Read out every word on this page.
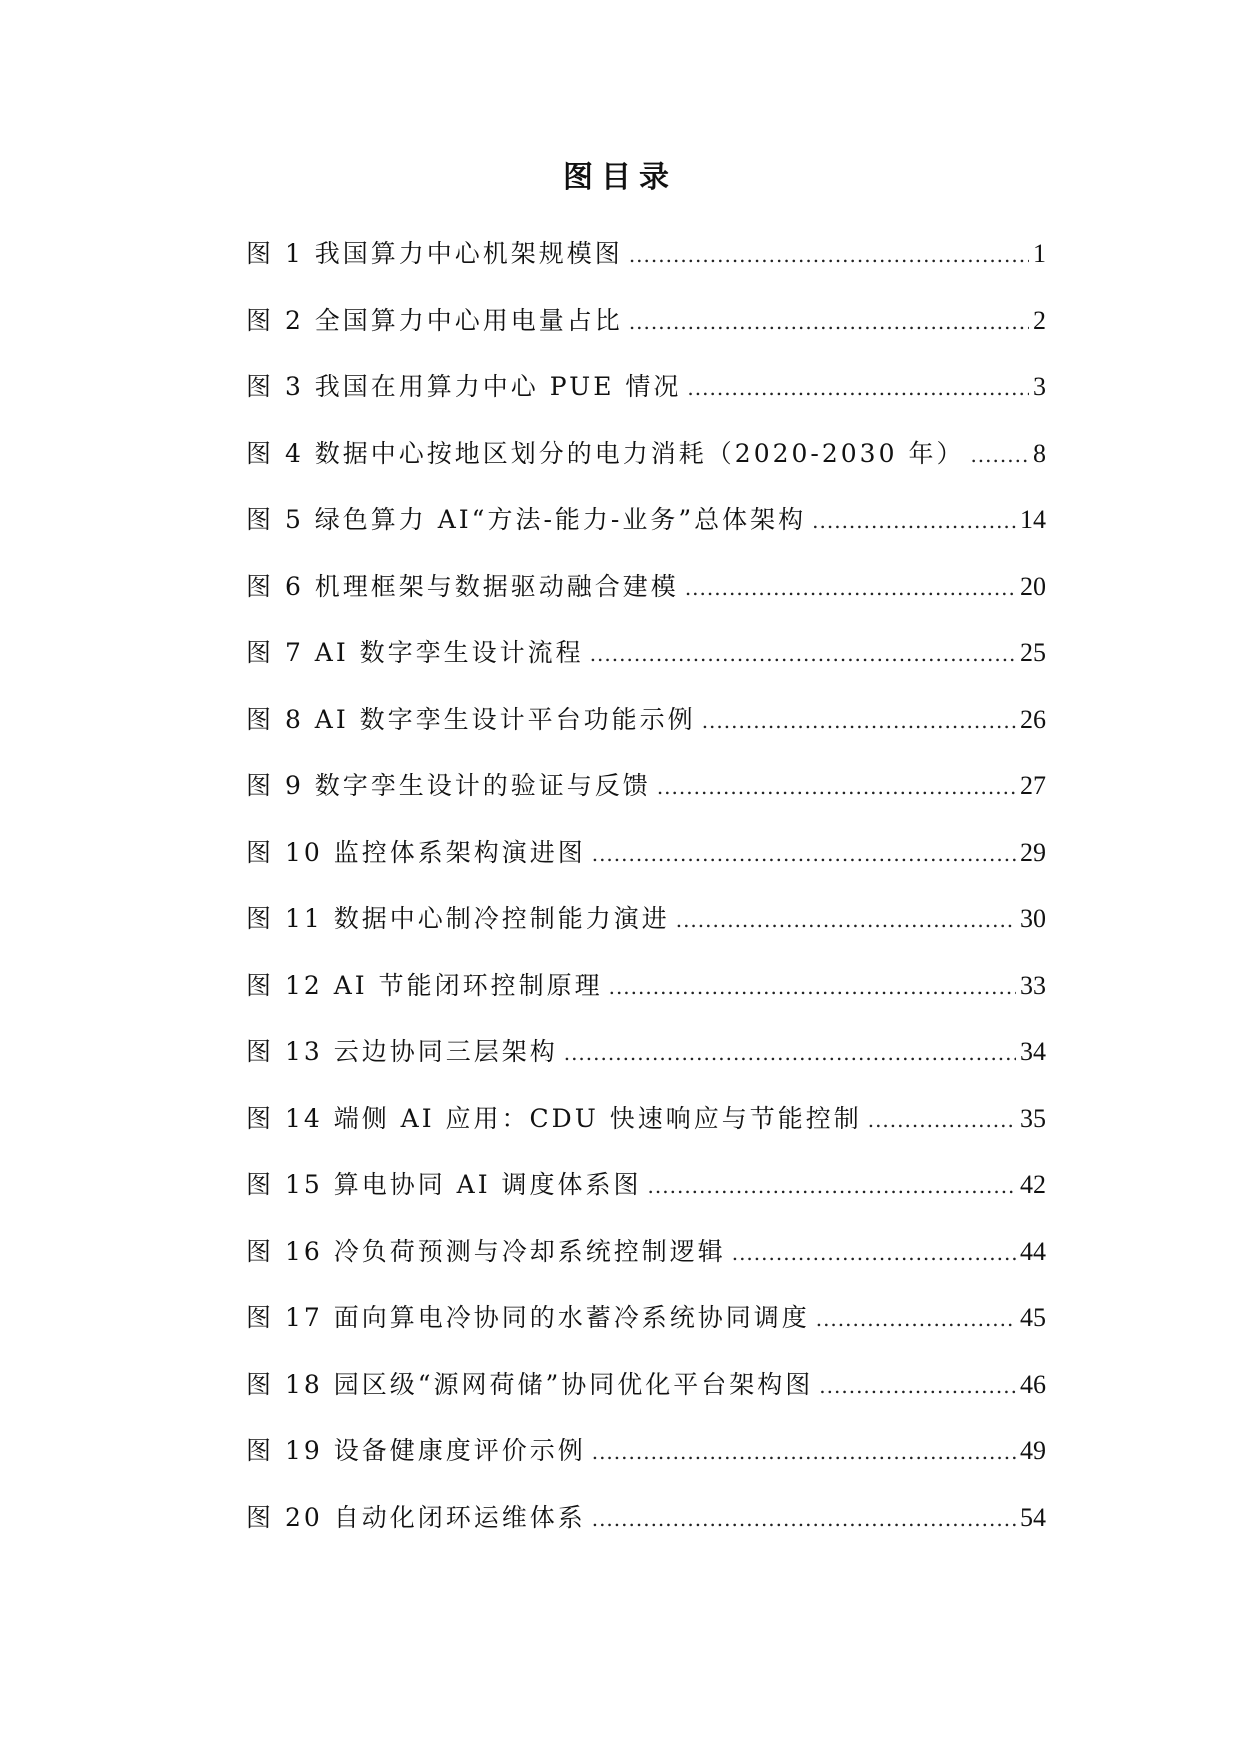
图目录
图 1 我国算力中心机架规模图 .....	1
图 2 全国算力中心用电量占比 .....	2
图 3 我国在用算力中心 PUE 情况 .....	3
图 4 数据中心按地区划分的电力消耗（2020-2030 年） .....	8
图 5 绿色算力 AI“方法-能力-业务”总体架构 .....	14
图 6 机理框架与数据驱动融合建模 .....	20
图 7 AI 数字孪生设计流程 .....	25
图 8 AI 数字孪生设计平台功能示例 .....	26
图 9 数字孪生设计的验证与反馈 .....	27
图 10 监控体系架构演进图 .....	29
图 11 数据中心制冷控制能力演进 .....	30
图 12 AI 节能闭环控制原理 .....	33
图 13 云边协同三层架构 .....	34
图 14 端侧 AI 应用：CDU 快速响应与节能控制 .....	35
图 15 算电协同 AI 调度体系图 .....	42
图 16 冷负荷预测与冷却系统控制逻辑 .....	44
图 17 面向算电冷协同的水蓄冷系统协同调度 .....	45
图 18 园区级“源网荷储”协同优化平台架构图 .....	46
图 19 设备健康度评价示例 .....	49
图 20 自动化闭环运维体系 .....	54
